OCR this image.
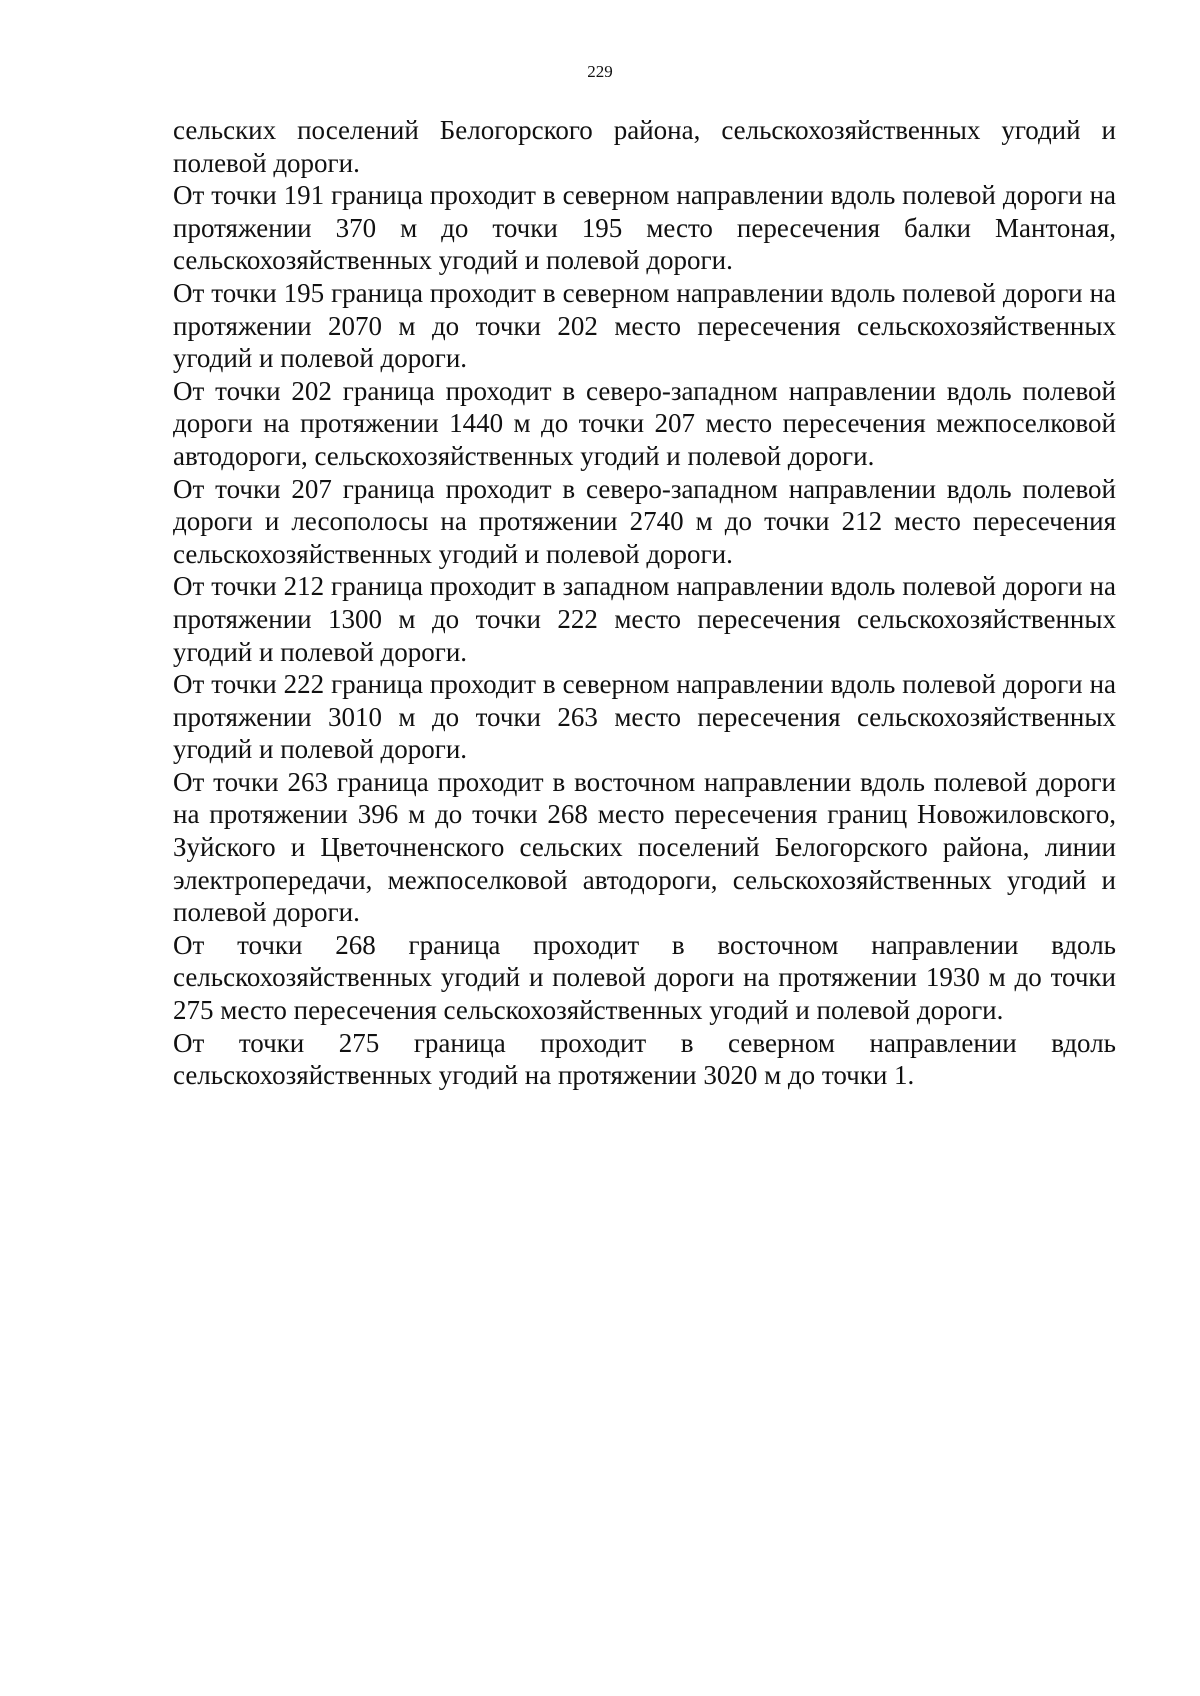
229

сельских поселений Белогорского района, сельскохозяйственных угодий и полевой дороги.

От точки 191 граница проходит в северном направлении вдоль полевой дороги на протяжении 370 м до точки 195 место пересечения балки Мантоная, сельскохозяйственных угодий и полевой дороги.

От точки 195 граница проходит в северном направлении вдоль полевой дороги на протяжении 2070 м до точки 202 место пересечения сельскохозяйственных угодий и полевой дороги.

От точки 202 граница проходит в северо-западном направлении вдоль полевой дороги на протяжении 1440 м до точки 207 место пересечения межпоселковой автодороги, сельскохозяйственных угодий и полевой дороги.

От точки 207 граница проходит в северо-западном направлении вдоль полевой дороги и лесополосы на протяжении 2740 м до точки 212 место пересечения сельскохозяйственных угодий и полевой дороги.

От точки 212 граница проходит в западном направлении вдоль полевой дороги на протяжении 1300 м до точки 222 место пересечения сельскохозяйственных угодий и полевой дороги.

От точки 222 граница проходит в северном направлении вдоль полевой дороги на протяжении 3010 м до точки 263 место пересечения сельскохозяйственных угодий и полевой дороги.

От точки 263 граница проходит в восточном направлении вдоль полевой дороги на протяжении 396 м до точки 268 место пересечения границ Новожиловского, Зуйского и Цветочненского сельских поселений Белогорского района, линии электропередачи, межпоселковой автодороги, сельскохозяйственных угодий и полевой дороги.

От точки 268 граница проходит в восточном направлении вдоль сельскохозяйственных угодий и полевой дороги на протяжении 1930 м до точки 275 место пересечения сельскохозяйственных угодий и полевой дороги.

От точки 275 граница проходит в северном направлении вдоль сельскохозяйственных угодий на протяжении 3020 м до точки 1.
